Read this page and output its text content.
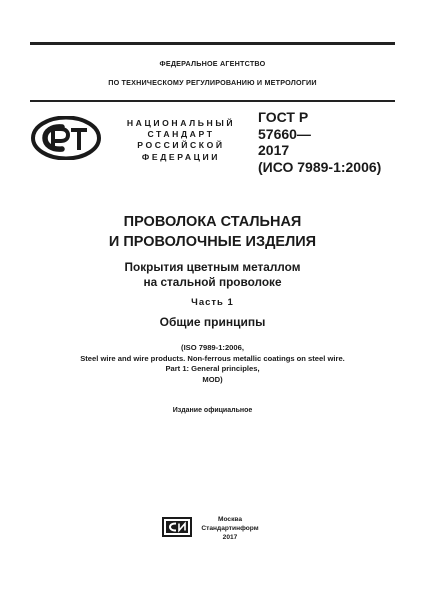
ФЕДЕРАЛЬНОЕ АГЕНТСТВО
ПО ТЕХНИЧЕСКОМУ РЕГУЛИРОВАНИЮ И МЕТРОЛОГИИ
НАЦИОНАЛЬНЫЙ
СТАНДАРТ
РОССИЙСКОЙ
ФЕДЕРАЦИИ
ГОСТ Р
57660—
2017
(ИСО 7989-1:2006)
ПРОВОЛОКА СТАЛЬНАЯ
И ПРОВОЛОЧНЫЕ ИЗДЕЛИЯ
Покрытия цветным металлом
на стальной проволоке
Часть 1
Общие принципы
(ISO 7989-1:2006,
Steel wire and wire products. Non-ferrous metallic coatings on steel wire.
Part 1: General principles,
MOD)
Издание официальное
Москва
Стандартинформ
2017
